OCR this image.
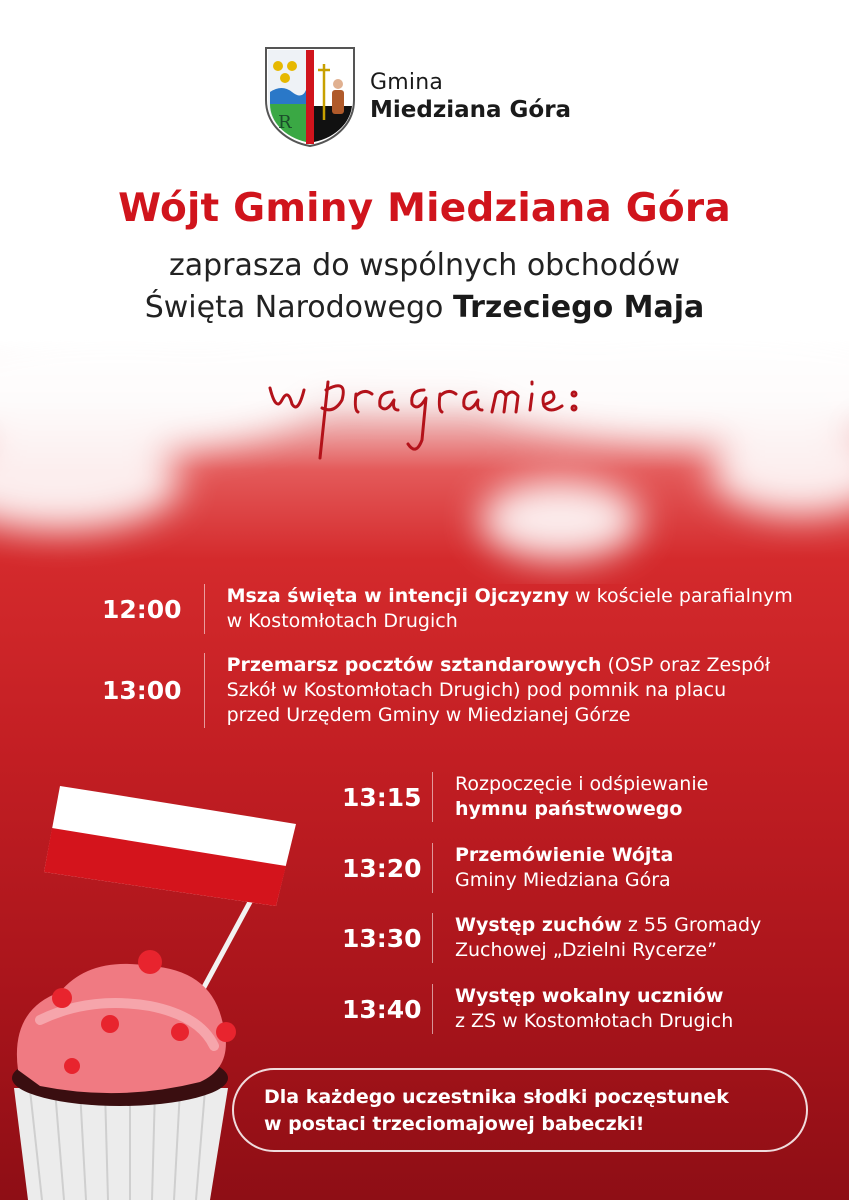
R
Gmina
Miedziana Góra
Wójt Gminy Miedziana Góra

zaprasza do wspólnych obchodów

Święta Narodowego Trzeciego Maja

12:00 Msza święta w intencji Ojczyzny w kościele parafialnym
w Kostomłotach Drugich
13:00
Przemarsz pocztów sztandarowych (OSP oraz Zespół
Szkół w Kostomłotach Drugich) pod pomnik na placu
przed Urzędem Gminy w Miedzianej Górze
13:15 Rozpoczęcie i odśpiewanie
hymnu państwowego
13:20 Przemówienie Wójta
Gminy Miedziana Góra
13:30 Występ zuchów z 55 Gromady
Zuchowej „Dzielni Rycerze”
13:40 Występ wokalny uczniów
z ZS w Kostomłotach Drugich
Dla każdego uczestnika słodki poczęstunek
w postaci trzeciomajowej babeczki!
